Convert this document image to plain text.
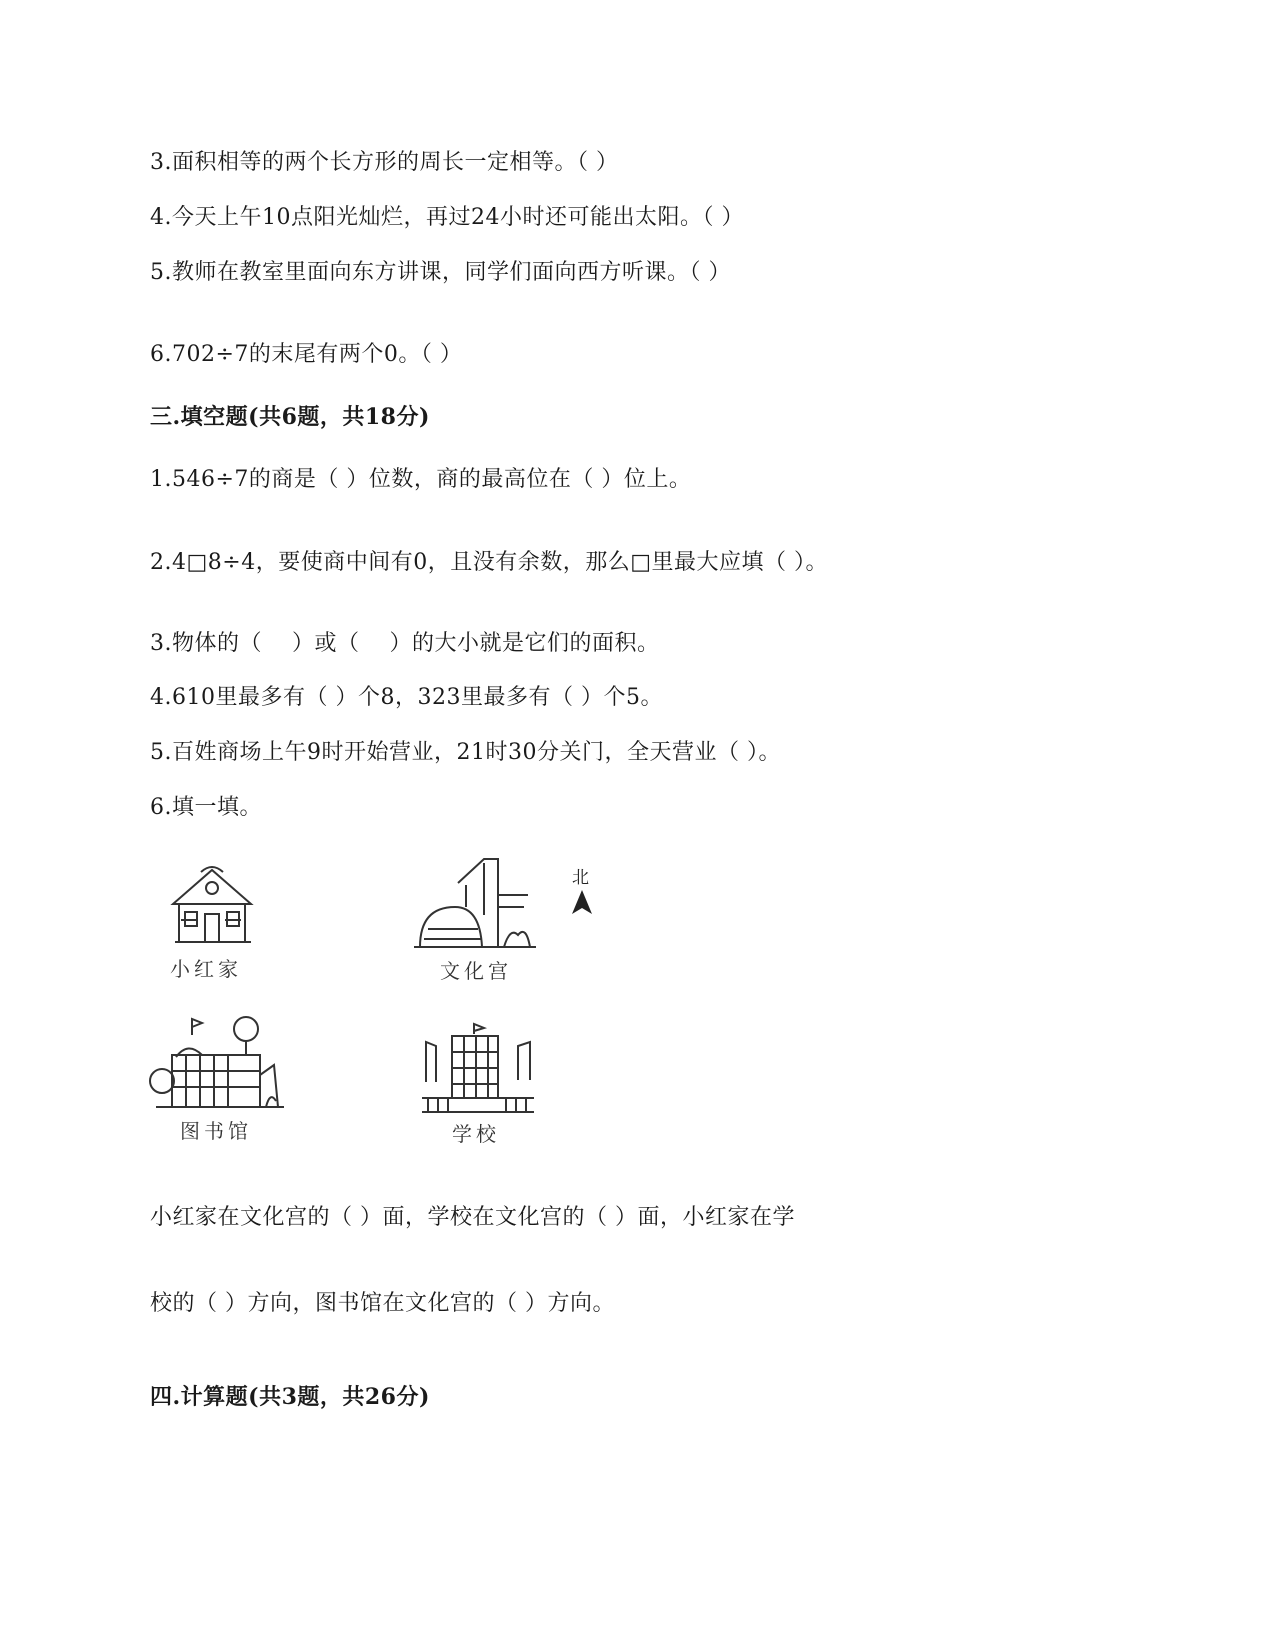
3.面积相等的两个长方形的周长一定相等。（ ）
4.今天上午10点阳光灿烂，再过24小时还可能出太阳。（ ）
5.教师在教室里面向东方讲课，同学们面向西方听课。（ ）
6.702÷7的末尾有两个0。（ ）
三.填空题(共6题，共18分)
1.546÷7的商是（ ）位数，商的最高位在（ ）位上。
2.4□8÷4，要使商中间有0，且没有余数，那么□里最大应填（ ）。
3.物体的（　 ）或（　 ）的大小就是它们的面积。
4.610里最多有（ ）个8，323里最多有（ ）个5。
5.百姓商场上午9时开始营业，21时30分关门，全天营业（ ）。
6.填一填。
小红家	文化宫
北
图书馆	学校
小红家在文化宫的（ ）面，学校在文化宫的（ ）面，小红家在学
校的（ ）方向，图书馆在文化宫的（ ）方向。
四.计算题(共3题，共26分)
